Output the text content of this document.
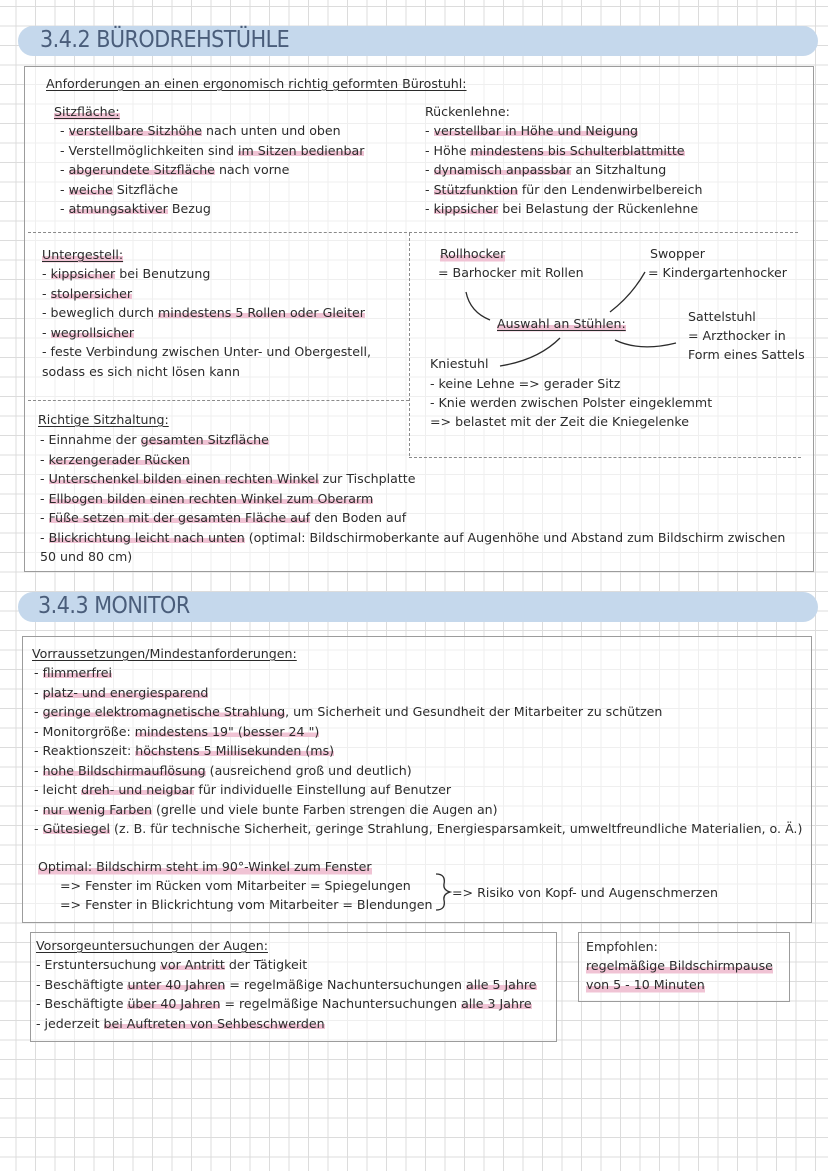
3.4.2 BÜRODREHSTÜHLE
Anforderungen an einen ergonomisch richtig geformten Bürostuhl:
Sitzfläche:	Rückenlehne:
Untergestell:
Auswahl an Stühlen:
Rollhocker
= Barhocker mit Rollen
Swopper
= Kindergartenhocker
Sattelstuhl
= Arzthocker in
Form eines Sattels
Kniestuhl
- keine Lehne => gerader Sitz
- Knie werden zwischen Polster eingeklemmt
=> belastet mit der Zeit die Kniegelenke
Richtige Sitzhaltung:
3.4.3 MONITOR
Vorraussetzungen/Mindestanforderungen:
Optimal: Bildschirm steht im 90°-Winkel zum Fenster
=> Fenster im Rücken vom Mitarbeiter = Spiegelungen
=> Fenster in Blickrichtung vom Mitarbeiter = Blendungen
=> Risiko von Kopf- und Augenschmerzen
Vorsorgeuntersuchungen der Augen:	Empfohlen:
regelmäßige Bildschirmpause
von 5 - 10 Minuten
- verstellbare Sitzhöhe nach unten und oben
- Verstellmöglichkeiten sind im Sitzen bedienbar
- abgerundete Sitzfläche nach vorne
- weiche Sitzfläche
- atmungsaktiver Bezug
- verstellbar in Höhe und Neigung
- Höhe mindestens bis Schulterblattmitte
- dynamisch anpassbar an Sitzhaltung
- Stützfunktion für den Lendenwirbelbereich
- kippsicher bei Belastung der Rückenlehne
- kippsicher bei Benutzung
- stolpersicher
- beweglich durch mindestens 5 Rollen oder Gleiter
- wegrollsicher
- feste Verbindung zwischen Unter- und Obergestell,
sodass es sich nicht lösen kann
- Einnahme der gesamten Sitzfläche
- kerzengerader Rücken
- Unterschenkel bilden einen rechten Winkel zur Tischplatte
- Ellbogen bilden einen rechten Winkel zum Oberarm
- Füße setzen mit der gesamten Fläche auf den Boden auf
- Blickrichtung leicht nach unten (optimal: Bildschirmoberkante auf Augenhöhe und Abstand zum Bildschirm zwischen
50 und 80 cm)
- flimmerfrei
- platz- und energiesparend
- geringe elektromagnetische Strahlung, um Sicherheit und Gesundheit der Mitarbeiter zu schützen
- Monitorgröße: mindestens 19" (besser 24 ")
- Reaktionszeit: höchstens 5 Millisekunden (ms)
- hohe Bildschirmauflösung (ausreichend groß und deutlich)
- leicht dreh- und neigbar für individuelle Einstellung auf Benutzer
- nur wenig Farben (grelle und viele bunte Farben strengen die Augen an)
- Gütesiegel (z. B. für technische Sicherheit, geringe Strahlung, Energiesparsamkeit, umweltfreundliche Materialien, o. Ä.)
- Erstuntersuchung vor Antritt der Tätigkeit
- Beschäftigte unter 40 Jahren = regelmäßige Nachuntersuchungen alle 5 Jahre
- Beschäftigte über 40 Jahren = regelmäßige Nachuntersuchungen alle 3 Jahre
- jederzeit bei Auftreten von Sehbeschwerden
